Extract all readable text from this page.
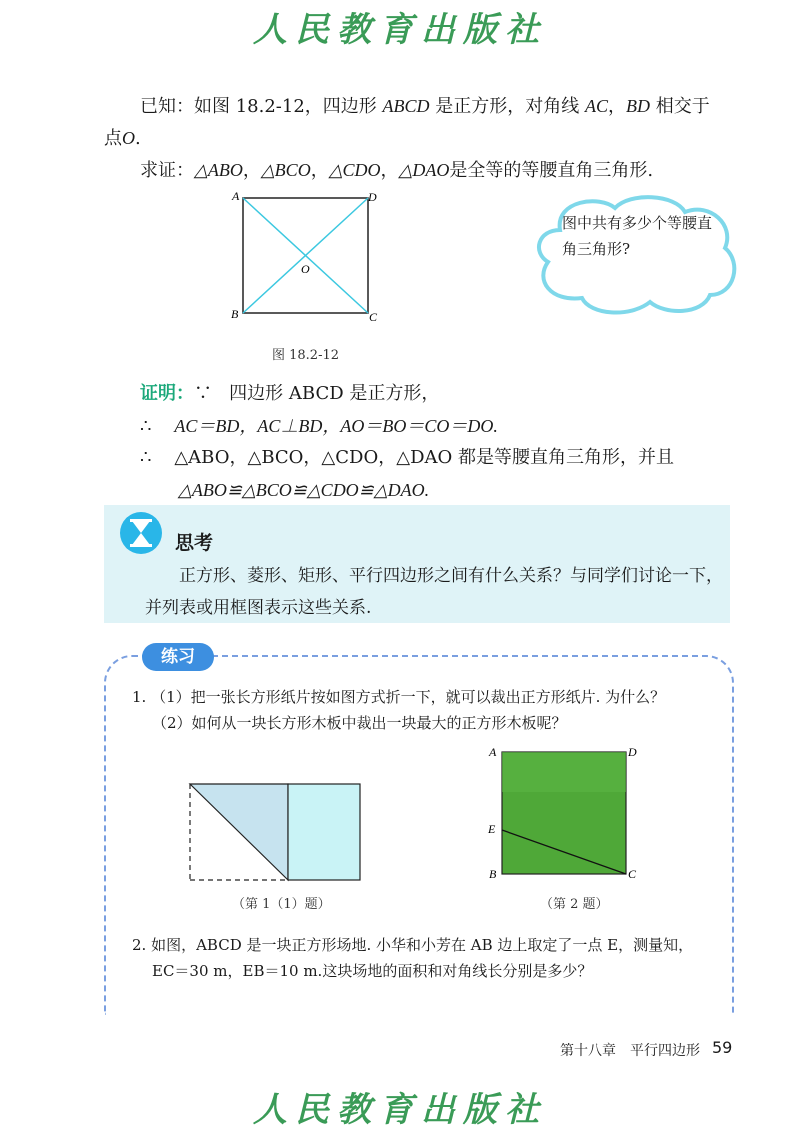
人民教育出版社
已知：如图 18.2-12，四边形 ABCD 是正方形，对角线 AC，BD 相交于
点O.
求证：△ABO，△BCO，△CDO，△DAO是全等的等腰直角三角形.
A
B	C
D
O
图 18.2-12
图中共有多少个等腰直角三角形?
证明：∵ 四边形 ABCD 是正方形，
∴ AC＝BD，AC⊥BD，AO＝BO＝CO＝DO.
∴ △ABO，△BCO，△CDO，△DAO 都是等腰直角三角形，并且
△ABO≌△BCO≌△CDO≌△DAO.
思考
正方形、菱形、矩形、平行四边形之间有什么关系？与同学们讨论一下，并列表或用框图表示这些关系.
练习
1. （1）把一张长方形纸片按如图方式折一下，就可以裁出正方形纸片. 为什么？
（2）如何从一块长方形木板中裁出一块最大的正方形木板呢？
（第 1（1）题）
A
B	C
D
E
（第 2 题）
2. 如图，ABCD 是一块正方形场地. 小华和小芳在 AB 边上取定了一点 E，测量知，
EC＝30 m，EB＝10 m.这块场地的面积和对角线长分别是多少？
第十八章　平行四边形 59
人民教育出版社
